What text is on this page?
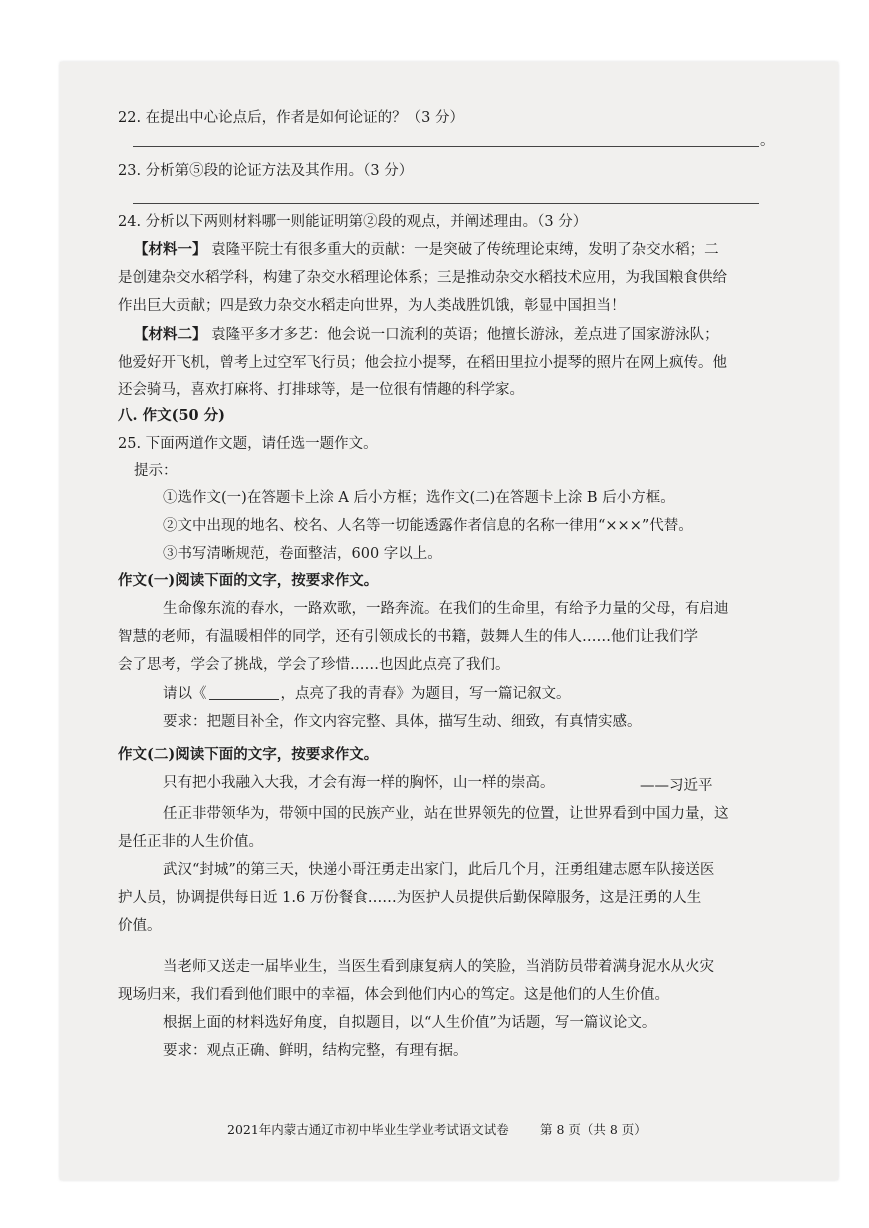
22. 在提出中心论点后，作者是如何论证的？（3 分）
。
23. 分析第⑤段的论证方法及其作用。（3 分）
24. 分析以下两则材料哪一则能证明第②段的观点，并阐述理由。（3 分）
【材料一】 袁隆平院士有很多重大的贡献：一是突破了传统理论束缚，发明了杂交水稻；二
是创建杂交水稻学科，构建了杂交水稻理论体系；三是推动杂交水稻技术应用，为我国粮食供给
作出巨大贡献；四是致力杂交水稻走向世界，为人类战胜饥饿，彰显中国担当！
【材料二】 袁隆平多才多艺：他会说一口流利的英语；他擅长游泳，差点进了国家游泳队；
他爱好开飞机，曾考上过空军飞行员；他会拉小提琴，在稻田里拉小提琴的照片在网上疯传。他
还会骑马，喜欢打麻将、打排球等，是一位很有情趣的科学家。
八. 作文(50 分)
25. 下面两道作文题，请任选一题作文。
提示：
①选作文(一)在答题卡上涂 A 后小方框；选作文(二)在答题卡上涂 B 后小方框。
②文中出现的地名、校名、人名等一切能透露作者信息的名称一律用“×××”代替。
③书写清晰规范，卷面整洁，600 字以上。
作文(一)阅读下面的文字，按要求作文。
生命像东流的春水，一路欢歌，一路奔流。在我们的生命里，有给予力量的父母，有启迪
智慧的老师，有温暖相伴的同学，还有引领成长的书籍，鼓舞人生的伟人……他们让我们学
会了思考，学会了挑战，学会了珍惜……也因此点亮了我们。
请以《	，点亮了我的青春》为题目，写一篇记叙文。
要求：把题目补全，作文内容完整、具体，描写生动、细致，有真情实感。
作文(二)阅读下面的文字，按要求作文。
只有把小我融入大我，才会有海一样的胸怀，山一样的崇高。	——习近平
任正非带领华为，带领中国的民族产业，站在世界领先的位置，让世界看到中国力量，这
是任正非的人生价值。
武汉“封城”的第三天，快递小哥汪勇走出家门，此后几个月，汪勇组建志愿车队接送医
护人员，协调提供每日近 1.6 万份餐食……为医护人员提供后勤保障服务，这是汪勇的人生
价值。
当老师又送走一届毕业生，当医生看到康复病人的笑脸，当消防员带着满身泥水从火灾
现场归来，我们看到他们眼中的幸福，体会到他们内心的笃定。这是他们的人生价值。
根据上面的材料选好角度，自拟题目，以“人生价值”为话题，写一篇议论文。
要求：观点正确、鲜明，结构完整，有理有据。
2021年内蒙古通辽市初中毕业生学业考试语文试卷 第 8 页（共 8 页）
